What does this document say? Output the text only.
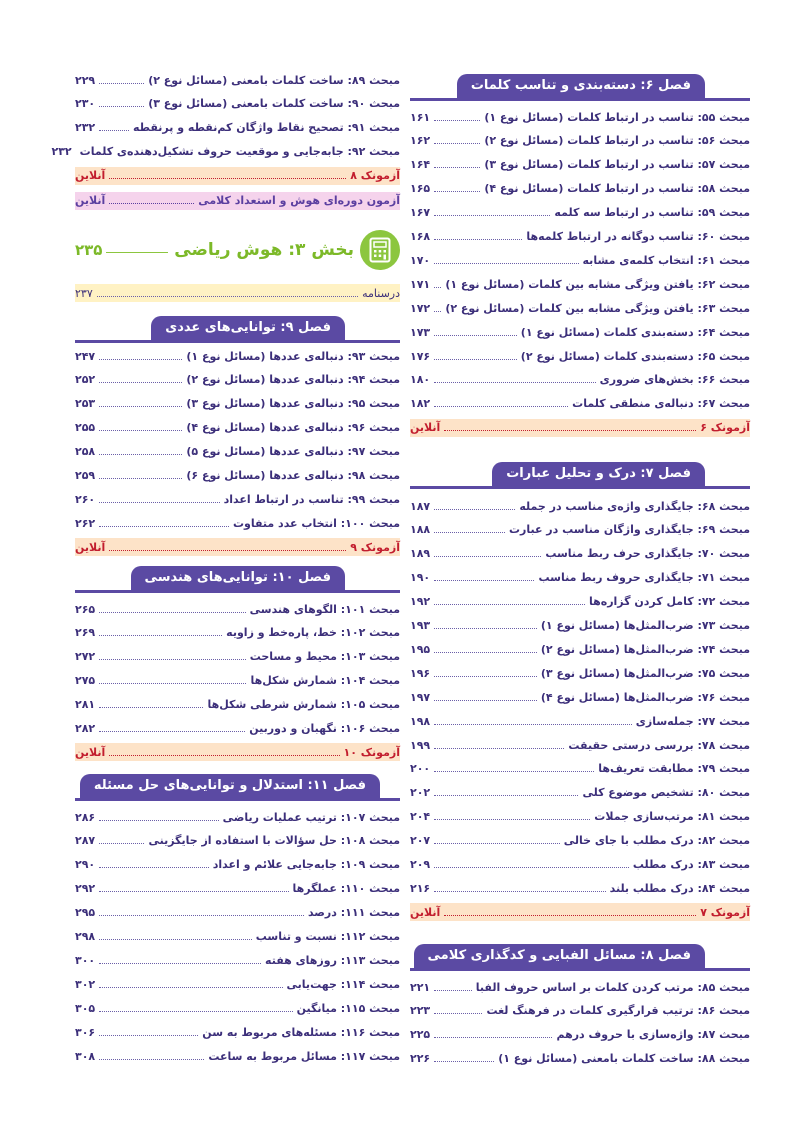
فصل ۶: دسته‌بندی و تناسب کلمات
مبحث ۵۵: تناسب در ارتباط کلمات (مسائل نوع ۱)
۱۶۱
مبحث ۵۶: تناسب در ارتباط کلمات (مسائل نوع ۲)
۱۶۲
مبحث ۵۷: تناسب در ارتباط کلمات (مسائل نوع ۳)
۱۶۴
مبحث ۵۸: تناسب در ارتباط کلمات (مسائل نوع ۴)
۱۶۵
مبحث ۵۹: تناسب در ارتباط سه کلمه
۱۶۷
مبحث ۶۰: تناسب دوگانه در ارتباط کلمه‌ها
۱۶۸
مبحث ۶۱: انتخاب کلمه‌ی مشابه
۱۷۰
مبحث ۶۲: یافتن ویژگی مشابه بین کلمات (مسائل نوع ۱)
۱۷۱
مبحث ۶۳: یافتن ویژگی مشابه بین کلمات (مسائل نوع ۲)
۱۷۲
مبحث ۶۴: دسته‌بندی کلمات (مسائل نوع ۱)
۱۷۳
مبحث ۶۵: دسته‌بندی کلمات (مسائل نوع ۲)
۱۷۶
مبحث ۶۶: بخش‌های ضروری
۱۸۰
مبحث ۶۷: دنباله‌ی منطقی کلمات
۱۸۲
آزمونک ۶
آنلاین
فصل ۷: درک و تحلیل عبارات
مبحث ۶۸: جایگذاری واژه‌ی مناسب در جمله
۱۸۷
مبحث ۶۹: جایگذاری واژگان مناسب در عبارت
۱۸۸
مبحث ۷۰: جایگذاری حرف ربط مناسب
۱۸۹
مبحث ۷۱: جایگذاری حروف ربط مناسب
۱۹۰
مبحث ۷۲: کامل کردن گزاره‌ها
۱۹۲
مبحث ۷۳: ضرب‌المثل‌ها (مسائل نوع ۱)
۱۹۳
مبحث ۷۴: ضرب‌المثل‌ها (مسائل نوع ۲)
۱۹۵
مبحث ۷۵: ضرب‌المثل‌ها (مسائل نوع ۳)
۱۹۶
مبحث ۷۶: ضرب‌المثل‌ها (مسائل نوع ۴)
۱۹۷
مبحث ۷۷: جمله‌سازی
۱۹۸
مبحث ۷۸: بررسی درستی حقیقت
۱۹۹
مبحث ۷۹: مطابقت تعریف‌ها
۲۰۰
مبحث ۸۰: تشخیص موضوع کلی
۲۰۲
مبحث ۸۱: مرتب‌سازی جملات
۲۰۴
مبحث ۸۲: درک مطلب با جای خالی
۲۰۷
مبحث ۸۳: درک مطلب
۲۰۹
مبحث ۸۴: درک مطلب بلند
۲۱۶
آزمونک ۷
آنلاین
فصل ۸: مسائل الفبایی و کدگذاری کلامی
مبحث ۸۵: مرتب کردن کلمات بر اساس حروف الفبا
۲۲۱
مبحث ۸۶: ترتیب قرارگیری کلمات در فرهنگ لغت
۲۲۳
مبحث ۸۷: واژه‌سازی با حروف درهم
۲۲۵
مبحث ۸۸: ساخت کلمات بامعنی (مسائل نوع ۱)
۲۲۶
مبحث ۸۹: ساخت کلمات بامعنی (مسائل نوع ۲)
۲۲۹
مبحث ۹۰: ساخت کلمات بامعنی (مسائل نوع ۳)
۲۳۰
مبحث ۹۱: تصحیح نقاط واژگان کم‌نقطه و پرنقطه
۲۳۲
مبحث ۹۲: جابه‌جایی و موقعیت حروف تشکیل‌دهنده‌ی کلمات
۲۳۲
آزمونک ۸
آنلاین
آزمون دوره‌ای هوش و استعداد کلامی
آنلاین
بخش ۳: هوش ریاضی
۲۳۵
درسنامه
۲۳۷
فصل ۹: توانایی‌های عددی
مبحث ۹۳: دنباله‌ی عددها (مسائل نوع ۱)
۲۴۷
مبحث ۹۴: دنباله‌ی عددها (مسائل نوع ۲)
۲۵۲
مبحث ۹۵: دنباله‌ی عددها (مسائل نوع ۳)
۲۵۳
مبحث ۹۶: دنباله‌ی عددها (مسائل نوع ۴)
۲۵۵
مبحث ۹۷: دنباله‌ی عددها (مسائل نوع ۵)
۲۵۸
مبحث ۹۸: دنباله‌ی عددها (مسائل نوع ۶)
۲۵۹
مبحث ۹۹: تناسب در ارتباط اعداد
۲۶۰
مبحث ۱۰۰: انتخاب عدد متفاوت
۲۶۲
آزمونک ۹
آنلاین
فصل ۱۰: توانایی‌های هندسی
مبحث ۱۰۱: الگوهای هندسی
۲۶۵
مبحث ۱۰۲: خط، پاره‌خط و زاویه
۲۶۹
مبحث ۱۰۳: محیط و مساحت
۲۷۲
مبحث ۱۰۴: شمارش شکل‌ها
۲۷۵
مبحث ۱۰۵: شمارش شرطی شکل‌ها
۲۸۱
مبحث ۱۰۶: نگهبان و دوربین
۲۸۲
آزمونک ۱۰
آنلاین
فصل ۱۱: استدلال و توانایی‌های حل مسئله
مبحث ۱۰۷: ترتیب عملیات ریاضی
۲۸۶
مبحث ۱۰۸: حل سؤالات با استفاده از جایگزینی
۲۸۷
مبحث ۱۰۹: جابه‌جایی علائم و اعداد
۲۹۰
مبحث ۱۱۰: عملگرها
۲۹۲
مبحث ۱۱۱: درصد
۲۹۵
مبحث ۱۱۲: نسبت و تناسب
۲۹۸
مبحث ۱۱۳: روزهای هفته
۳۰۰
مبحث ۱۱۴: جهت‌یابی
۳۰۲
مبحث ۱۱۵: میانگین
۳۰۵
مبحث ۱۱۶: مسئله‌های مربوط به سن
۳۰۶
مبحث ۱۱۷: مسائل مربوط به ساعت
۳۰۸
